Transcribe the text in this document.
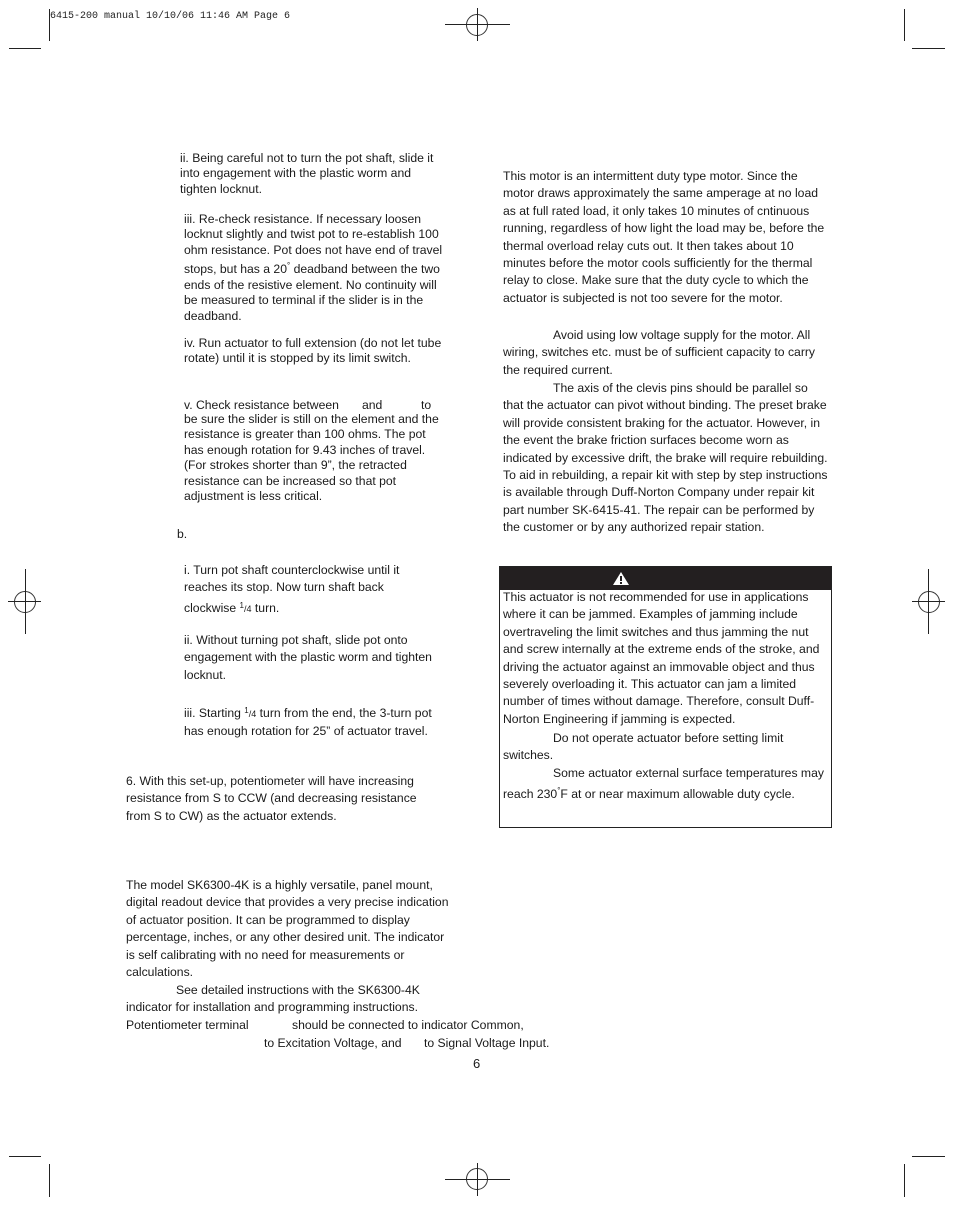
6415-200 manual 10/10/06 11:46 AM Page 6

ii. Being careful not to turn the pot shaft, slide it into engagement with the plastic worm and tighten locknut.

iii. Re-check resistance. If necessary loosen locknut slightly and twist pot to re-establish 100 ohm resistance. Pot does not have end of travel stops, but has a 20° deadband between the two ends of the resistive element. No continuity will be measured to terminal if the slider is in the deadband.

iv. Run actuator to full extension (do not let tube rotate) until it is stopped by its limit switch.

v. Check resistance between and	to

be sure the slider is still on the element and the resistance is greater than 100 ohms. The pot has enough rotation for 9.43 inches of travel. (For strokes shorter than 9”, the retracted resistance can be increased so that pot adjustment is less critical.

b.

i. Turn pot shaft counterclockwise until it reaches its stop. Now turn shaft back clockwise $^1$/4 turn.

ii. Without turning pot shaft, slide pot onto engagement with the plastic worm and tighten locknut.

iii. Starting $^1$/4 turn from the end, the 3-turn pot has enough rotation for 25” of actuator travel.

6. With this set-up, potentiometer will have increasing resistance from S to CCW (and decreasing resistance from S to CW) as the actuator extends.

The model SK6300-4K is a highly versatile, panel mount, digital readout device that provides a very precise indication of actuator position. It can be programmed to display percentage, inches, or any other desired unit. The indicator is self calibrating with no need for measurements or calculations.

See detailed instructions with the SK6300-4K indicator for installation and programming instructions. Potentiometer terminal	should be connected to indicator Common,
to Excitation Voltage, and to Signal Voltage Input.

This motor is an intermittent duty type motor. Since the motor draws approximately the same amperage at no load as at full rated load, it only takes 10 minutes of cntinuous running, regardless of how light the load may be, before the thermal overload relay cuts out. It then takes about 10 minutes before the motor cools sufficiently for the thermal relay to close. Make sure that the duty cycle to which the actuator is subjected is not too severe for the motor.

Avoid using low voltage supply for the motor. All wiring, switches etc. must be of sufficient capacity to carry the required current.

The axis of the clevis pins should be parallel so that the actuator can pivot without binding. The preset brake will provide consistent braking for the actuator. However, in the event the brake friction surfaces become worn as indicated by excessive drift, the brake will require rebuilding. To aid in rebuilding, a repair kit with step by step instructions is available through Duff-Norton Company under repair kit part number SK-6415-41. The repair can be performed by the customer or by any authorized repair station.

This actuator is not recommended for use in applications where it can be jammed. Examples of jamming include overtraveling the limit switches and thus jamming the nut and screw internally at the extreme ends of the stroke, and driving the actuator against an immovable object and thus severely overloading it. This actuator can jam a limited number of times without damage. Therefore, consult Duff-Norton Engineering if jamming is expected.

Do not operate actuator before setting limit switches.

Some actuator external surface temperatures may reach 230°F at or near maximum allowable duty cycle.

6
